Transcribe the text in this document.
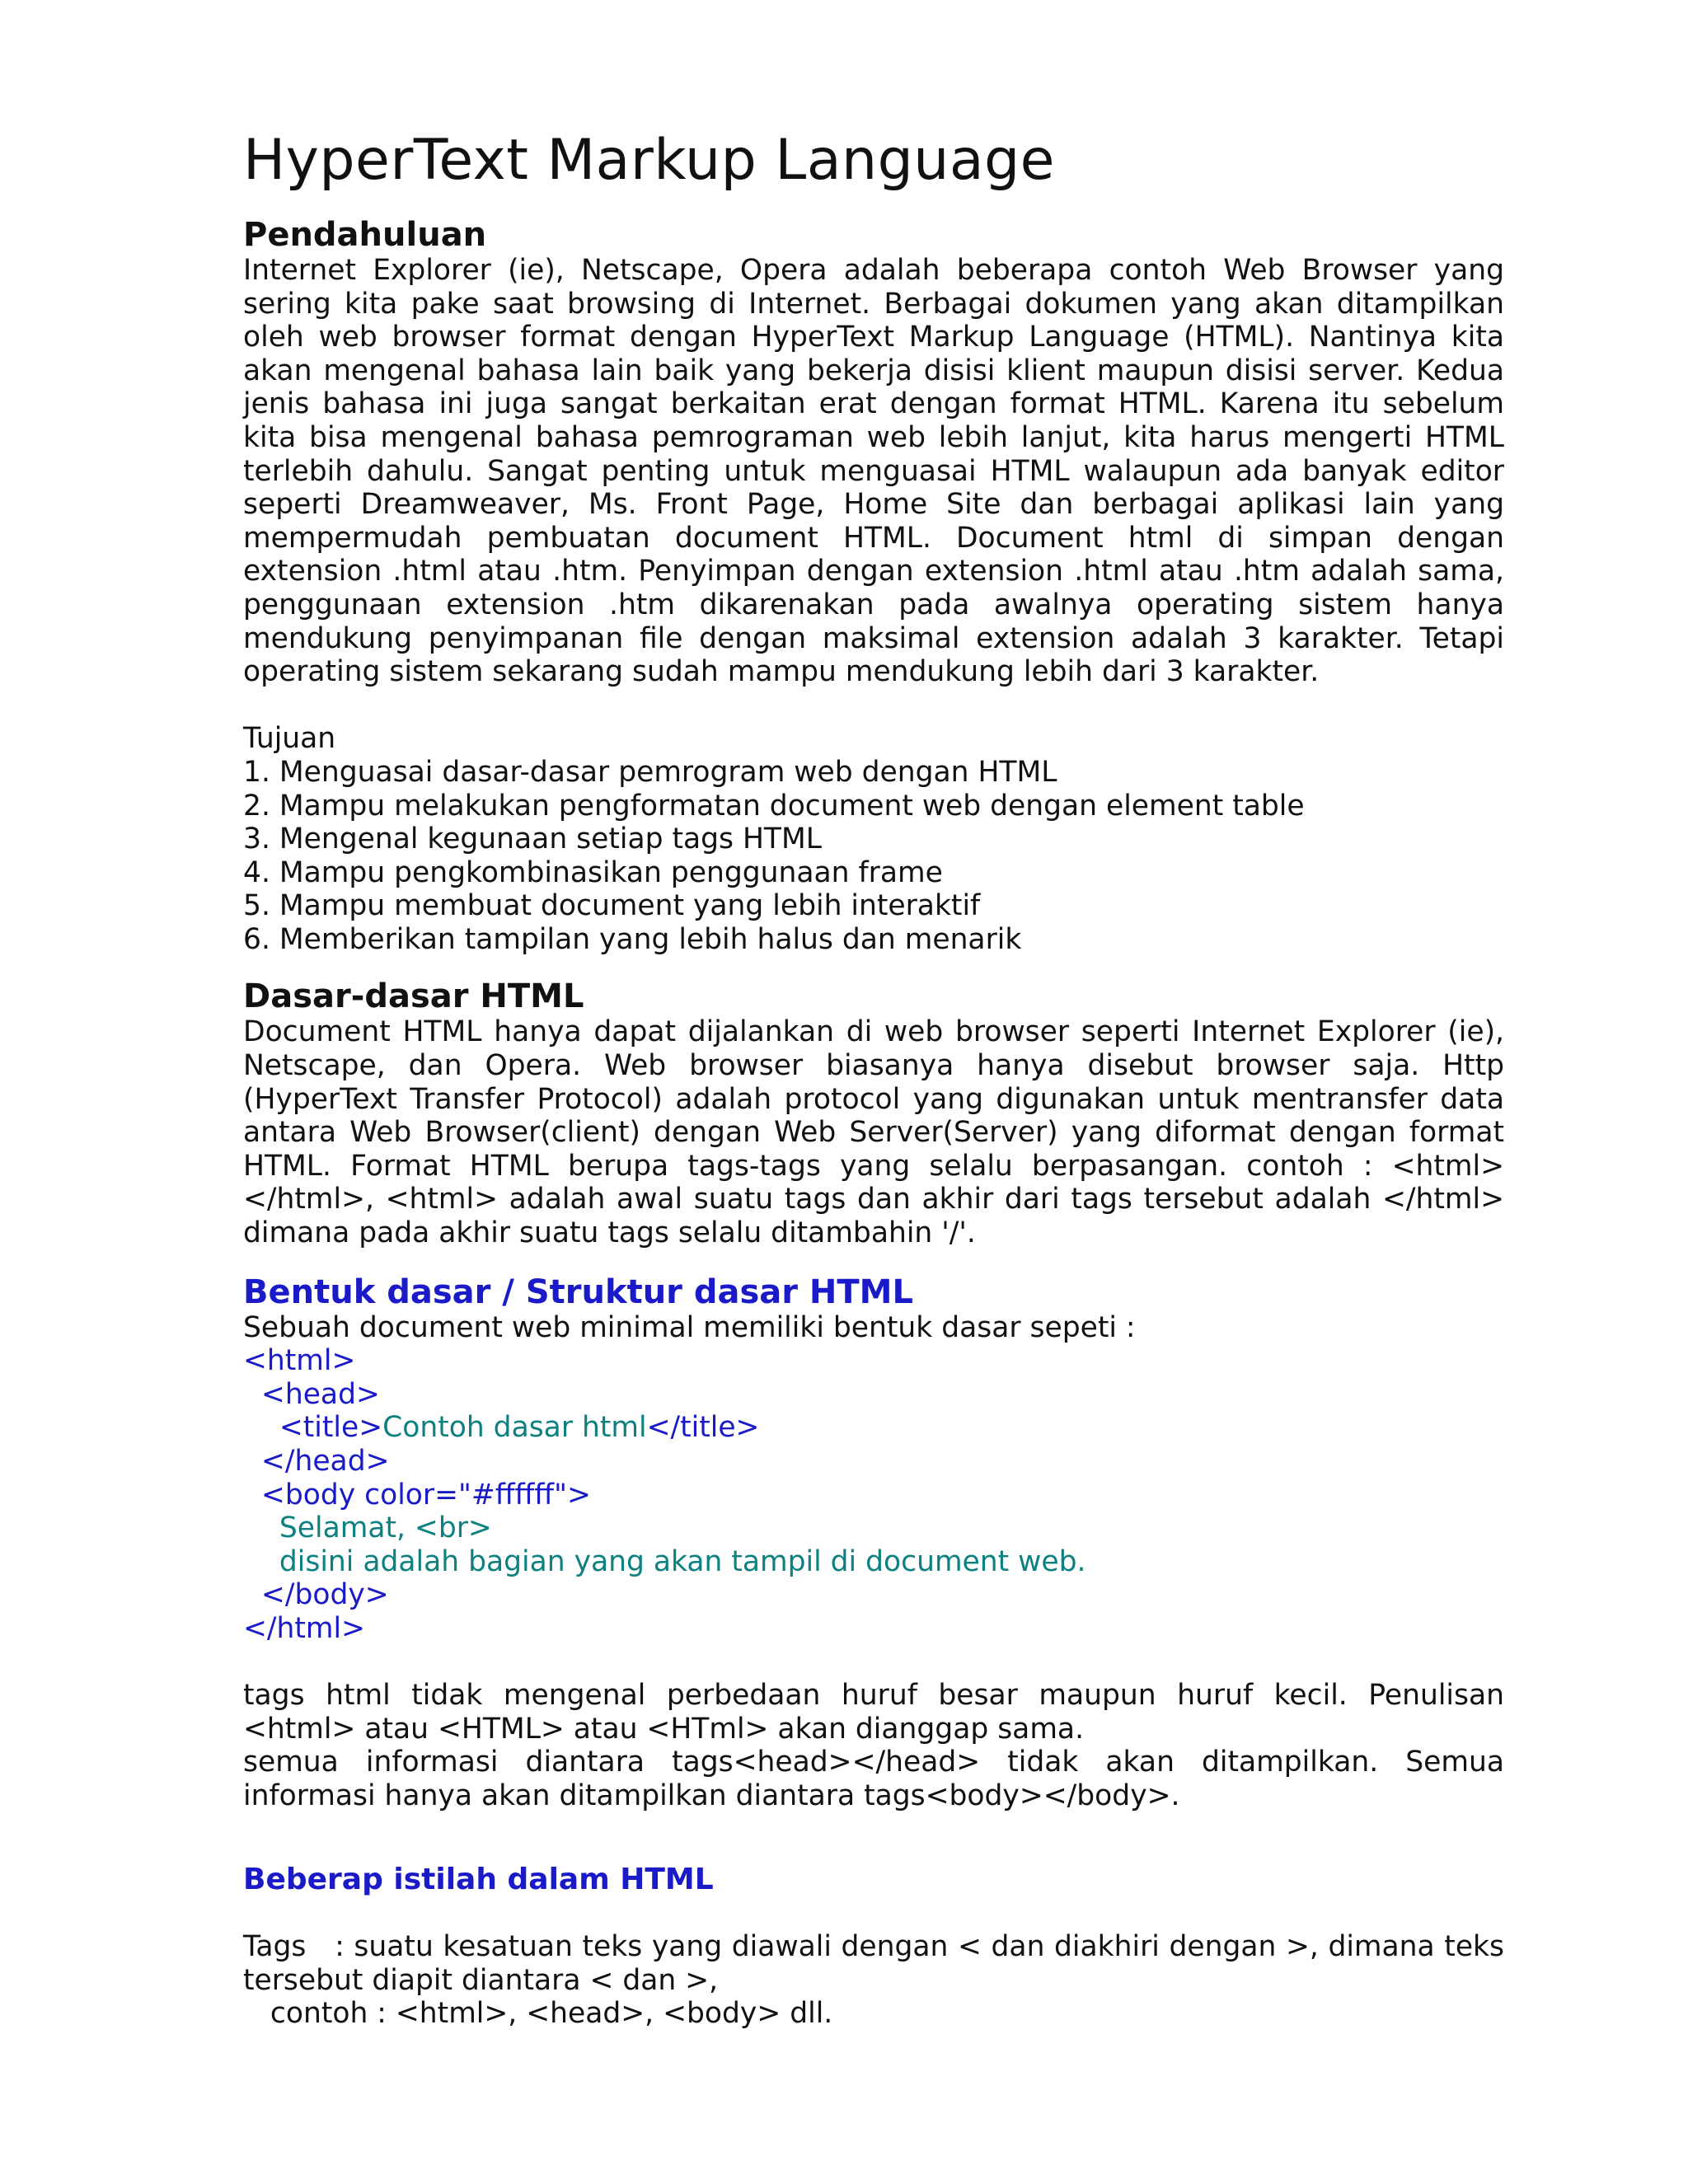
HyperText Markup Language
Pendahuluan

Internet Explorer (ie), Netscape, Opera adalah beberapa contoh Web Browser yang sering kita pake saat browsing di Internet. Berbagai dokumen yang akan ditampilkan oleh web browser format dengan HyperText Markup Language (HTML). Nantinya kita akan mengenal bahasa lain baik yang bekerja disisi klient maupun disisi server. Kedua jenis bahasa ini juga sangat berkaitan erat dengan format HTML. Karena itu sebelum kita bisa mengenal bahasa pemrograman web lebih lanjut, kita harus mengerti HTML terlebih dahulu. Sangat penting untuk menguasai HTML walaupun ada banyak editor seperti Dreamweaver, Ms. Front Page, Home Site dan berbagai aplikasi lain yang mempermudah pembuatan document HTML. Document html di simpan dengan extension .html atau .htm. Penyimpan dengan extension .html atau .htm adalah sama, penggunaan extension .htm dikarenakan pada awalnya operating sistem hanya mendukung penyimpanan file dengan maksimal extension adalah 3 karakter. Tetapi operating sistem sekarang sudah mampu mendukung lebih dari 3 karakter.

Tujuan

1. Menguasai dasar-dasar pemrogram web dengan HTML

2. Mampu melakukan pengformatan document web dengan element table

3. Mengenal kegunaan setiap tags HTML

4. Mampu pengkombinasikan penggunaan frame

5. Mampu membuat document yang lebih interaktif

6. Memberikan tampilan yang lebih halus dan menarik

Dasar-dasar HTML

Document HTML hanya dapat dijalankan di web browser seperti Internet Explorer (ie), Netscape, dan Opera. Web browser biasanya hanya disebut browser saja. Http (HyperText Transfer Protocol) adalah protocol yang digunakan untuk mentransfer data antara Web Browser(client) dengan Web Server(Server) yang diformat dengan format HTML. Format HTML berupa tags-tags yang selalu berpasangan. contoh : <html></html>, <html> adalah awal suatu tags dan akhir dari tags tersebut adalah </html> dimana pada akhir suatu tags selalu ditambahin '/'.

Bentuk dasar / Struktur dasar HTML

Sebuah document web minimal memiliki bentuk dasar sepeti :

<html>

<head>

<title>Contoh dasar html</title>

</head>

<body color="#ffffff">

Selamat, <br>

disini adalah bagian yang akan tampil di document web.

</body>

</html>

tags html tidak mengenal perbedaan huruf besar maupun huruf kecil. Penulisan <html> atau <HTML> atau <HTml> akan dianggap sama.

semua informasi diantara tags<head></head> tidak akan ditampilkan. Semua informasi hanya akan ditampilkan diantara tags<body></body>.

Beberap istilah dalam HTML

Tags   : suatu kesatuan teks yang diawali dengan < dan diakhiri dengan >, dimana teks tersebut diapit diantara < dan >,

contoh : <html>, <head>, <body> dll.
